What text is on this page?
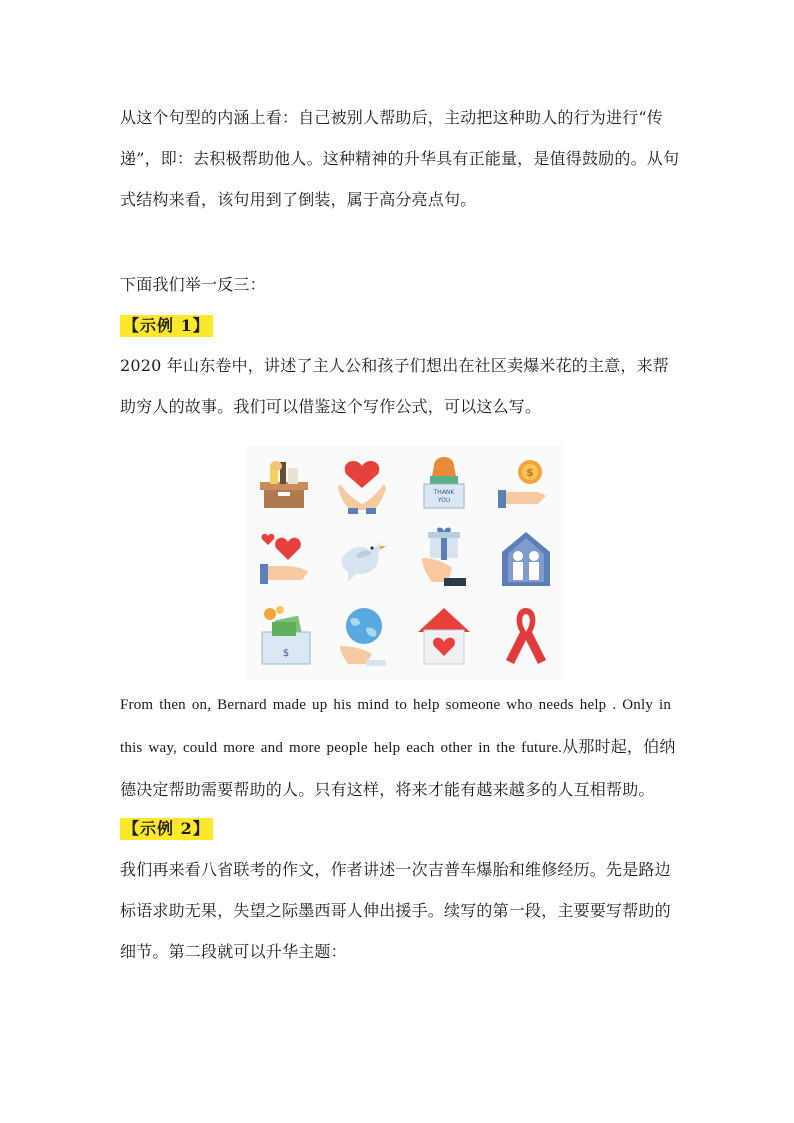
从这个句型的内涵上看：自己被别人帮助后，主动把这种助人的行为进行“传递”，即：去积极帮助他人。这种精神的升华具有正能量，是值得鼓励的。从句式结构来看，该句用到了倒装，属于高分亮点句。

下面我们举一反三：

【示例 1】

2020 年山东卷中，讲述了主人公和孩子们想出在社区卖爆米花的主意，来帮助穷人的故事。我们可以借鉴这个写作公式，可以这么写。

THANK
YOU
$
$

From then on, Bernard made up his mind to help someone who needs help . Only in this way, could more and more people help each other in the future.从那时起，伯纳德决定帮助需要帮助的人。只有这样，将来才能有越来越多的人互相帮助。

【示例 2】

我们再来看八省联考的作文，作者讲述一次吉普车爆胎和维修经历。先是路边标语求助无果，失望之际墨西哥人伸出援手。续写的第一段，主要要写帮助的细节。第二段就可以升华主题：
